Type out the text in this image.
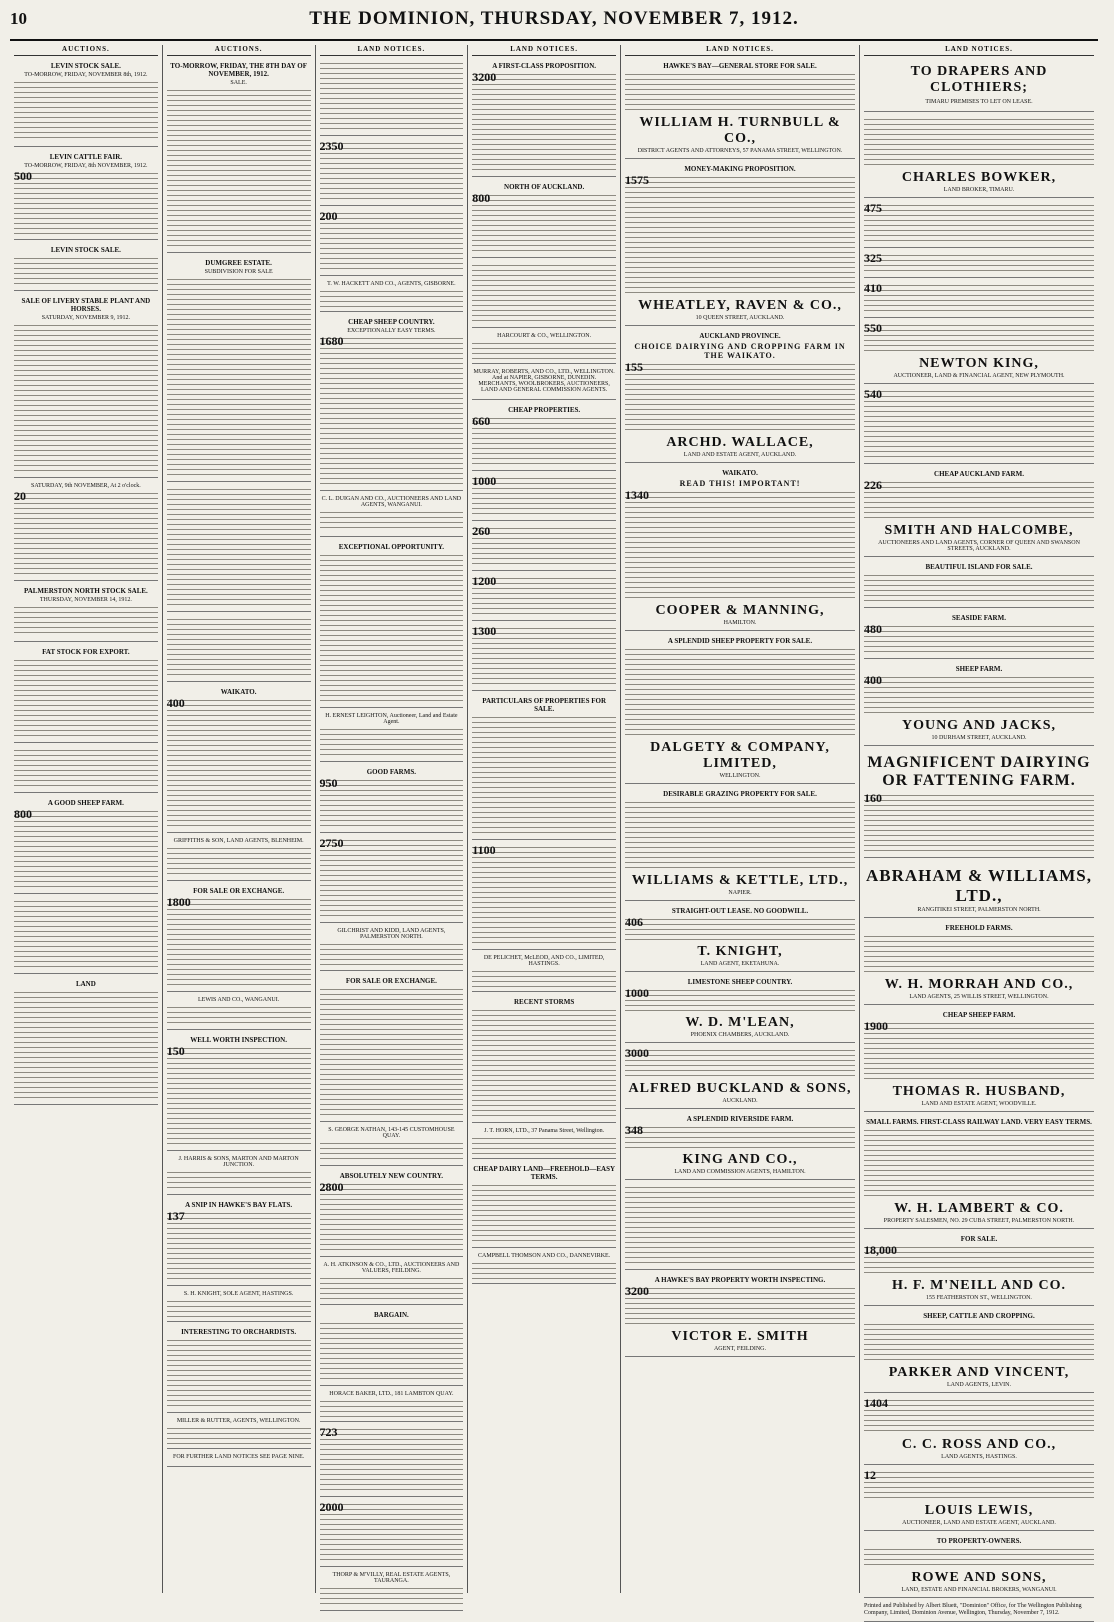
10	THE DOMINION, THURSDAY, NOVEMBER 7, 1912.
AUCTIONS.
LEVIN STOCK SALE.
TO-MORROW, FRIDAY, NOVEMBER 8th, 1912.
LEVIN CATTLE FAIR.
TO-MORROW, FRIDAY, 8th NOVEMBER, 1912.
500
LEVIN STOCK SALE.
SALE OF LIVERY STABLE PLANT AND HORSES.
SATURDAY, NOVEMBER 9, 1912.
SATURDAY, 9th NOVEMBER, At 2 o'clock.
20
PALMERSTON NORTH STOCK SALE.
THURSDAY, NOVEMBER 14, 1912.
FAT STOCK FOR EXPORT.
A GOOD SHEEP FARM.
800
LAND
AUCTIONS.
TO-MORROW, FRIDAY, THE 8TH DAY OF NOVEMBER, 1912.
SALE.
DUMGREE ESTATE.
SUBDIVISION FOR SALE
WAIKATO.
400
GRIFFITHS & SON, LAND AGENTS, BLENHEIM.
FOR SALE OR EXCHANGE.
1800
LEWIS AND CO., WANGANUI.
WELL WORTH INSPECTION.
150
J. HARRIS & SONS, MARTON AND MARTON JUNCTION.
A SNIP IN HAWKE'S BAY FLATS.
137
S. H. KNIGHT, SOLE AGENT, HASTINGS.
INTERESTING TO ORCHARDISTS.
MILLER & RUTTER, AGENTS, WELLINGTON.
FOR FURTHER LAND NOTICES SEE PAGE NINE.
LAND NOTICES.
2350
200
T. W. HACKETT AND CO., AGENTS, GISBORNE.
CHEAP SHEEP COUNTRY.
EXCEPTIONALLY EASY TERMS.
1680
C. L. DUIGAN AND CO., AUCTIONEERS AND LAND AGENTS, WANGANUI.
EXCEPTIONAL OPPORTUNITY.
H. ERNEST LEIGHTON, Auctioneer, Land and Estate Agent.
GOOD FARMS.
950
2750
GILCHRIST AND KIDD, LAND AGENTS, PALMERSTON NORTH.
FOR SALE OR EXCHANGE.
S. GEORGE NATHAN, 143-145 CUSTOMHOUSE QUAY.
ABSOLUTELY NEW COUNTRY.
2800
A. H. ATKINSON & CO., LTD., AUCTIONEERS AND VALUERS, FEILDING.
BARGAIN.
HORACE BAKER, LTD., 181 LAMBTON QUAY.
723
2000
THORP & M'VILLY, REAL ESTATE AGENTS, TAURANGA.
LAND NOTICES.
A FIRST-CLASS PROPOSITION.
3200
NORTH OF AUCKLAND.
800
HARCOURT & CO., WELLINGTON.
MURRAY, ROBERTS, AND CO., LTD., WELLINGTON. And at NAPIER, GISBORNE, DUNEDIN. MERCHANTS, WOOLBROKERS, AUCTIONEERS, LAND AND GENERAL COMMISSION AGENTS.
CHEAP PROPERTIES.
660
1000
260
1200
1300
PARTICULARS OF PROPERTIES FOR SALE.
1100
DE PELICHET, McLEOD, AND CO., LIMITED, HASTINGS.
RECENT STORMS
J. T. HORN, LTD., 37 Panama Street, Wellington.
CHEAP DAIRY LAND—FREEHOLD—EASY TERMS.
CAMPBELL THOMSON AND CO., DANNEVIRKE.
LAND NOTICES.
HAWKE'S BAY—GENERAL STORE FOR SALE.
WILLIAM H. TURNBULL & CO.,
DISTRICT AGENTS AND ATTORNEYS, 57 PANAMA STREET, WELLINGTON.
MONEY-MAKING PROPOSITION.
1575
WHEATLEY, RAVEN & CO.,
10 QUEEN STREET, AUCKLAND.
AUCKLAND PROVINCE.
CHOICE DAIRYING AND CROPPING FARM IN THE WAIKATO.
155
ARCHD. WALLACE,
LAND AND ESTATE AGENT, AUCKLAND.
WAIKATO.
READ THIS! IMPORTANT!
1340
COOPER & MANNING,
HAMILTON.
A SPLENDID SHEEP PROPERTY FOR SALE.
DALGETY & COMPANY, LIMITED,
WELLINGTON.
DESIRABLE GRAZING PROPERTY FOR SALE.
WILLIAMS & KETTLE, LTD.,
NAPIER.
STRAIGHT-OUT LEASE. NO GOODWILL.
406
T. KNIGHT,
LAND AGENT, EKETAHUNA.
LIMESTONE SHEEP COUNTRY.
1000
W. D. M'LEAN,
PHOENIX CHAMBERS, AUCKLAND.
3000
ALFRED BUCKLAND & SONS,
AUCKLAND.
A SPLENDID RIVERSIDE FARM.
348
KING AND CO.,
LAND AND COMMISSION AGENTS, HAMILTON.
A HAWKE'S BAY PROPERTY WORTH INSPECTING.
3200
VICTOR E. SMITH
AGENT, FEILDING.
LAND NOTICES.
TO DRAPERS AND CLOTHIERS;
TIMARU PREMISES TO LET ON LEASE.
CHARLES BOWKER,
LAND BROKER, TIMARU.
475
325
410
550
NEWTON KING,
AUCTIONEER, LAND & FINANCIAL AGENT, NEW PLYMOUTH.
540
CHEAP AUCKLAND FARM.
226
SMITH AND HALCOMBE,
AUCTIONEERS AND LAND AGENTS, CORNER OF QUEEN AND SWANSON STREETS, AUCKLAND.
BEAUTIFUL ISLAND FOR SALE.
SEASIDE FARM.
480
SHEEP FARM.
400
YOUNG AND JACKS,
10 DURHAM STREET, AUCKLAND.
MAGNIFICENT DAIRYING OR FATTENING FARM.
160
ABRAHAM & WILLIAMS, LTD.,
RANGITIKEI STREET, PALMERSTON NORTH.
FREEHOLD FARMS.
W. H. MORRAH AND CO.,
LAND AGENTS, 25 WILLIS STREET, WELLINGTON.
CHEAP SHEEP FARM.
1900
THOMAS R. HUSBAND,
LAND AND ESTATE AGENT, WOODVILLE.
SMALL FARMS. FIRST-CLASS RAILWAY LAND. VERY EASY TERMS.
W. H. LAMBERT & CO.
PROPERTY SALESMEN, NO. 29 CUBA STREET, PALMERSTON NORTH.
FOR SALE.
18,000
H. F. M'NEILL AND CO.
155 FEATHERSTON ST., WELLINGTON.
SHEEP, CATTLE AND CROPPING.
PARKER AND VINCENT,
LAND AGENTS, LEVIN.
1404
C. C. ROSS AND CO.,
LAND AGENTS, HASTINGS.
12
LOUIS LEWIS,
AUCTIONEER, LAND AND ESTATE AGENT, AUCKLAND.
TO PROPERTY-OWNERS.
ROWE AND SONS,
LAND, ESTATE AND FINANCIAL BROKERS, WANGANUI.
Printed and Published by Albert Bluett, "Dominion" Office, for The Wellington Publishing Company, Limited, Dominion Avenue, Wellington, Thursday, November 7, 1912.
